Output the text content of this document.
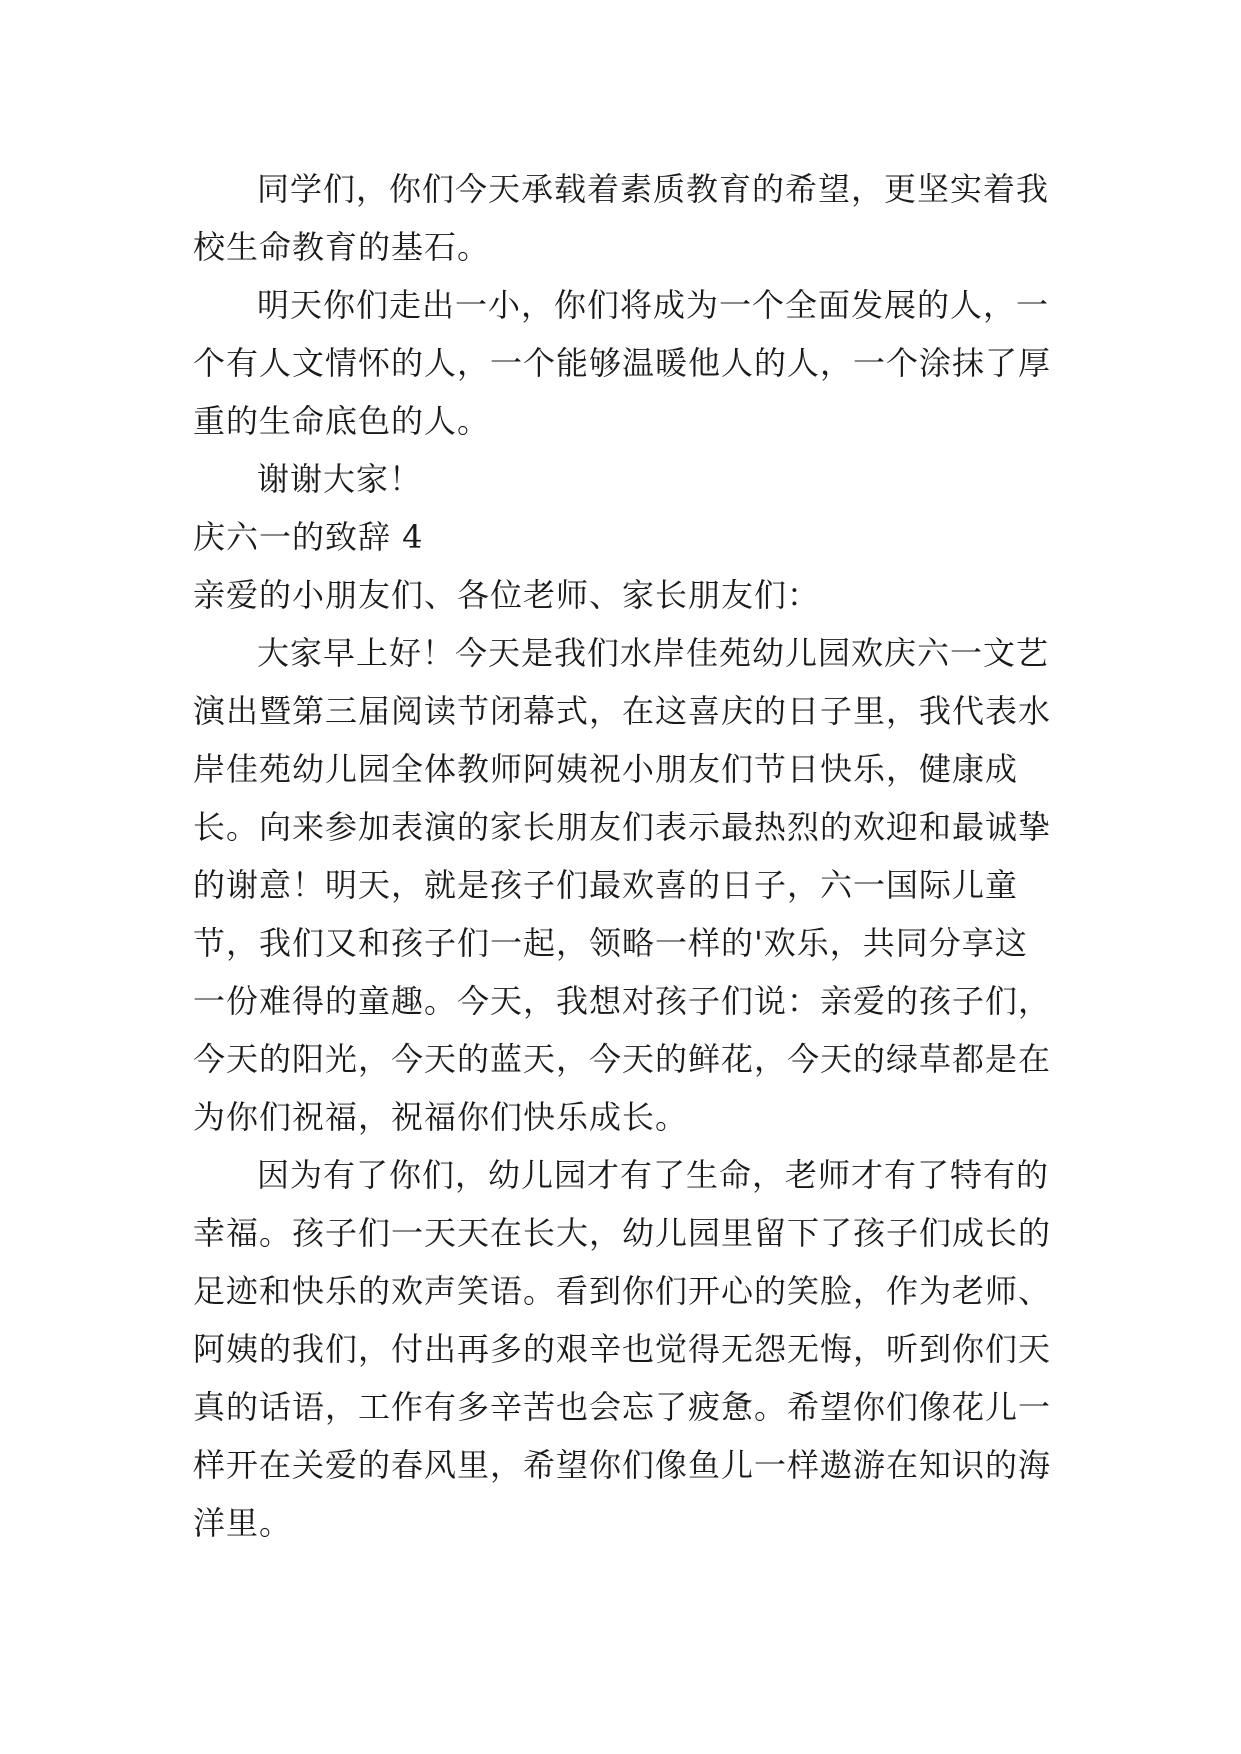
同学们，你们今天承载着素质教育的希望，更坚实着我校生命教育的基石。

明天你们走出一小，你们将成为一个全面发展的人，一个有人文情怀的人，一个能够温暖他人的人，一个涂抹了厚重的生命底色的人。

谢谢大家！

庆六一的致辞 4

亲爱的小朋友们、各位老师、家长朋友们：

大家早上好！今天是我们水岸佳苑幼儿园欢庆六一文艺演出暨第三届阅读节闭幕式，在这喜庆的日子里，我代表水岸佳苑幼儿园全体教师阿姨祝小朋友们节日快乐，健康成长。向来参加表演的家长朋友们表示最热烈的欢迎和最诚挚的谢意！明天，就是孩子们最欢喜的日子，六一国际儿童节，我们又和孩子们一起，领略一样的'欢乐，共同分享这一份难得的童趣。今天，我想对孩子们说：亲爱的孩子们，今天的阳光，今天的蓝天，今天的鲜花，今天的绿草都是在为你们祝福，祝福你们快乐成长。

因为有了你们，幼儿园才有了生命，老师才有了特有的幸福。孩子们一天天在长大，幼儿园里留下了孩子们成长的足迹和快乐的欢声笑语。看到你们开心的笑脸，作为老师、阿姨的我们，付出再多的艰辛也觉得无怨无悔，听到你们天真的话语，工作有多辛苦也会忘了疲惫。希望你们像花儿一样开在关爱的春风里，希望你们像鱼儿一样遨游在知识的海洋里。
